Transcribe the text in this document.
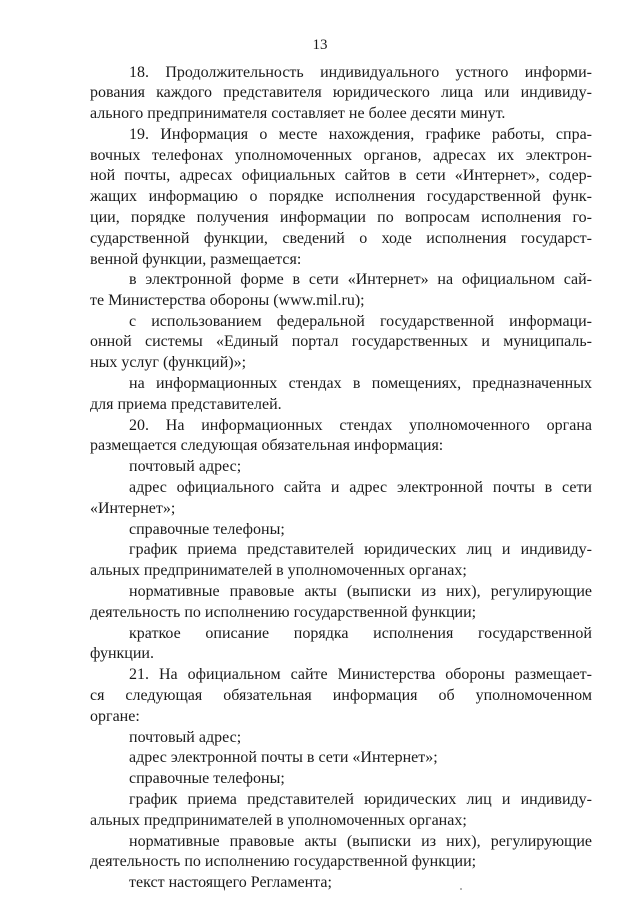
13
18. Продолжительность индивидуального устного информи-
рования каждого представителя юридического лица или индивиду-
ального предпринимателя составляет не более десяти минут.
19. Информация о месте нахождения, графике работы, спра-
вочных телефонах уполномоченных органов, адресах их электрон-
ной почты, адресах официальных сайтов в сети «Интернет», содер-
жащих информацию о порядке исполнения государственной функ-
ции, порядке получения информации по вопросам исполнения го-
сударственной функции, сведений о ходе исполнения государст-
венной функции, размещается:
в электронной форме в сети «Интернет» на официальном сай-
те Министерства обороны (www.mil.ru);
с использованием федеральной государственной информаци-
онной системы «Единый портал государственных и муниципаль-
ных услуг (функций)»;
на информационных стендах в помещениях, предназначенных
для приема представителей.
20. На информационных стендах уполномоченного органа
размещается следующая обязательная информация:
почтовый адрес;
адрес официального сайта и адрес электронной почты в сети
«Интернет»;
справочные телефоны;
график приема представителей юридических лиц и индивиду-
альных предпринимателей в уполномоченных органах;
нормативные правовые акты (выписки из них), регулирующие
деятельность по исполнению государственной функции;
краткое описание порядка исполнения государственной
функции.
21. На официальном сайте Министерства обороны размещает-
ся следующая обязательная информация об уполномоченном
органе:
почтовый адрес;
адрес электронной почты в сети «Интернет»;
справочные телефоны;
график приема представителей юридических лиц и индивиду-
альных предпринимателей в уполномоченных органах;
нормативные правовые акты (выписки из них), регулирующие
деятельность по исполнению государственной функции;
текст настоящего Регламента;
